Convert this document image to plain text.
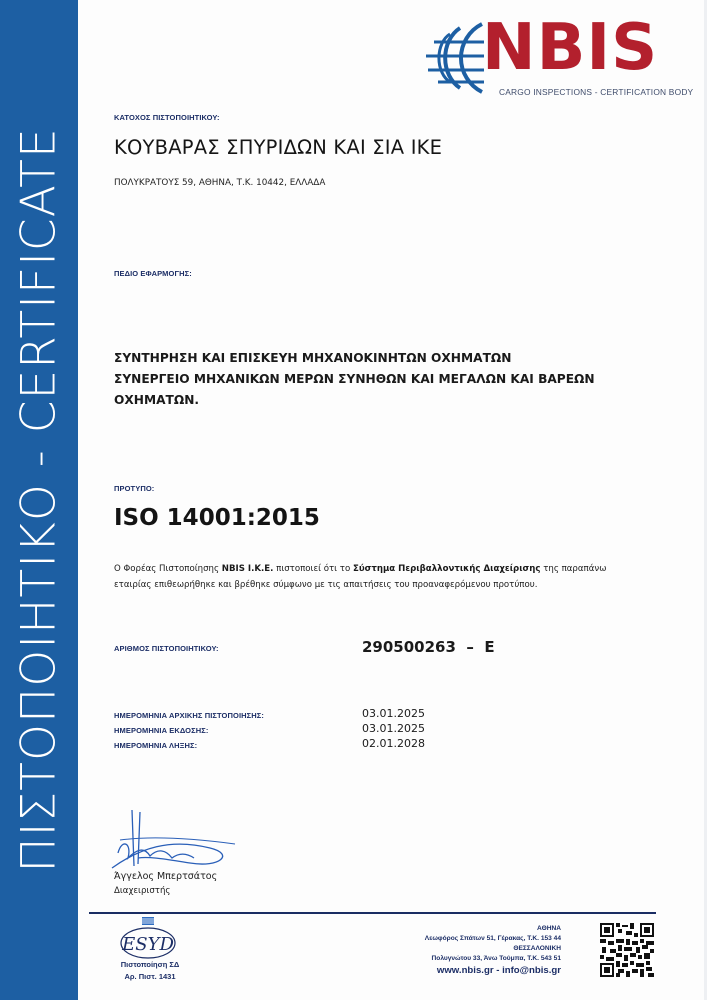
ΠΙΣΤΟΠΟΙΗΤΙΚΟ - CERTIFICATE
NBIS
CARGO INSPECTIONS - CERTIFICATION BODY
ΚΑΤΟΧΟΣ ΠΙΣΤΟΠΟΙΗΤΙΚΟΥ:
ΚΟΥΒΑΡΑΣ ΣΠΥΡΙΔΩΝ ΚΑΙ ΣΙΑ ΙΚΕ
ΠΟΛΥΚΡΑΤΟΥΣ 59, ΑΘΗΝΑ, Τ.Κ. 10442, ΕΛΛΑΔΑ
ΠΕΔΙΟ ΕΦΑΡΜΟΓΗΣ:
ΣΥΝΤΗΡΗΣΗ ΚΑΙ ΕΠΙΣΚΕΥΗ ΜΗΧΑΝΟΚΙΝΗΤΩΝ ΟΧΗΜΑΤΩΝ
ΣΥΝΕΡΓΕΙΟ ΜΗΧΑΝΙΚΩΝ ΜΕΡΩΝ ΣΥΝΗΘΩΝ ΚΑΙ ΜΕΓΑΛΩΝ ΚΑΙ ΒΑΡΕΩΝ
ΟΧΗΜΑΤΩΝ.
ΠΡΟΤΥΠΟ:
ISO 14001:2015
Ο Φορέας Πιστοποίησης NBIS I.K.E. πιστοποιεί ότι το Σύστημα Περιβαλλοντικής Διαχείρισης της παραπάνω εταιρίας επιθεωρήθηκε και βρέθηκε σύμφωνο με τις απαιτήσεις του προαναφερόμενου προτύπου.
ΑΡΙΘΜΟΣ ΠΙΣΤΟΠΟΙΗΤΙΚΟΥ:	290500263  –  E
ΗΜΕΡΟΜΗΝΙΑ ΑΡΧΙΚΗΣ ΠΙΣΤΟΠΟΙΗΣΗΣ:	03.01.2025
ΗΜΕΡΟΜΗΝΙΑ ΕΚΔΟΣΗΣ:	03.01.2025
ΗΜΕΡΟΜΗΝΙΑ ΛΗΞΗΣ:	02.01.2028
Άγγελος Μπερτσάτος
Διαχειριστής
ESYD
Πιστοποίηση ΣΔ
Αρ. Πιστ. 1431
ΑΘΗΝΑ
Λεωφόρος Σπάτων 51, Γέρακας, Τ.Κ. 153 44
ΘΕΣΣΑΛΟΝΙΚΗ
Πολυγνώτου 33, Άνω Τούμπα, Τ.Κ. 543 51
www.nbis.gr - info@nbis.gr
